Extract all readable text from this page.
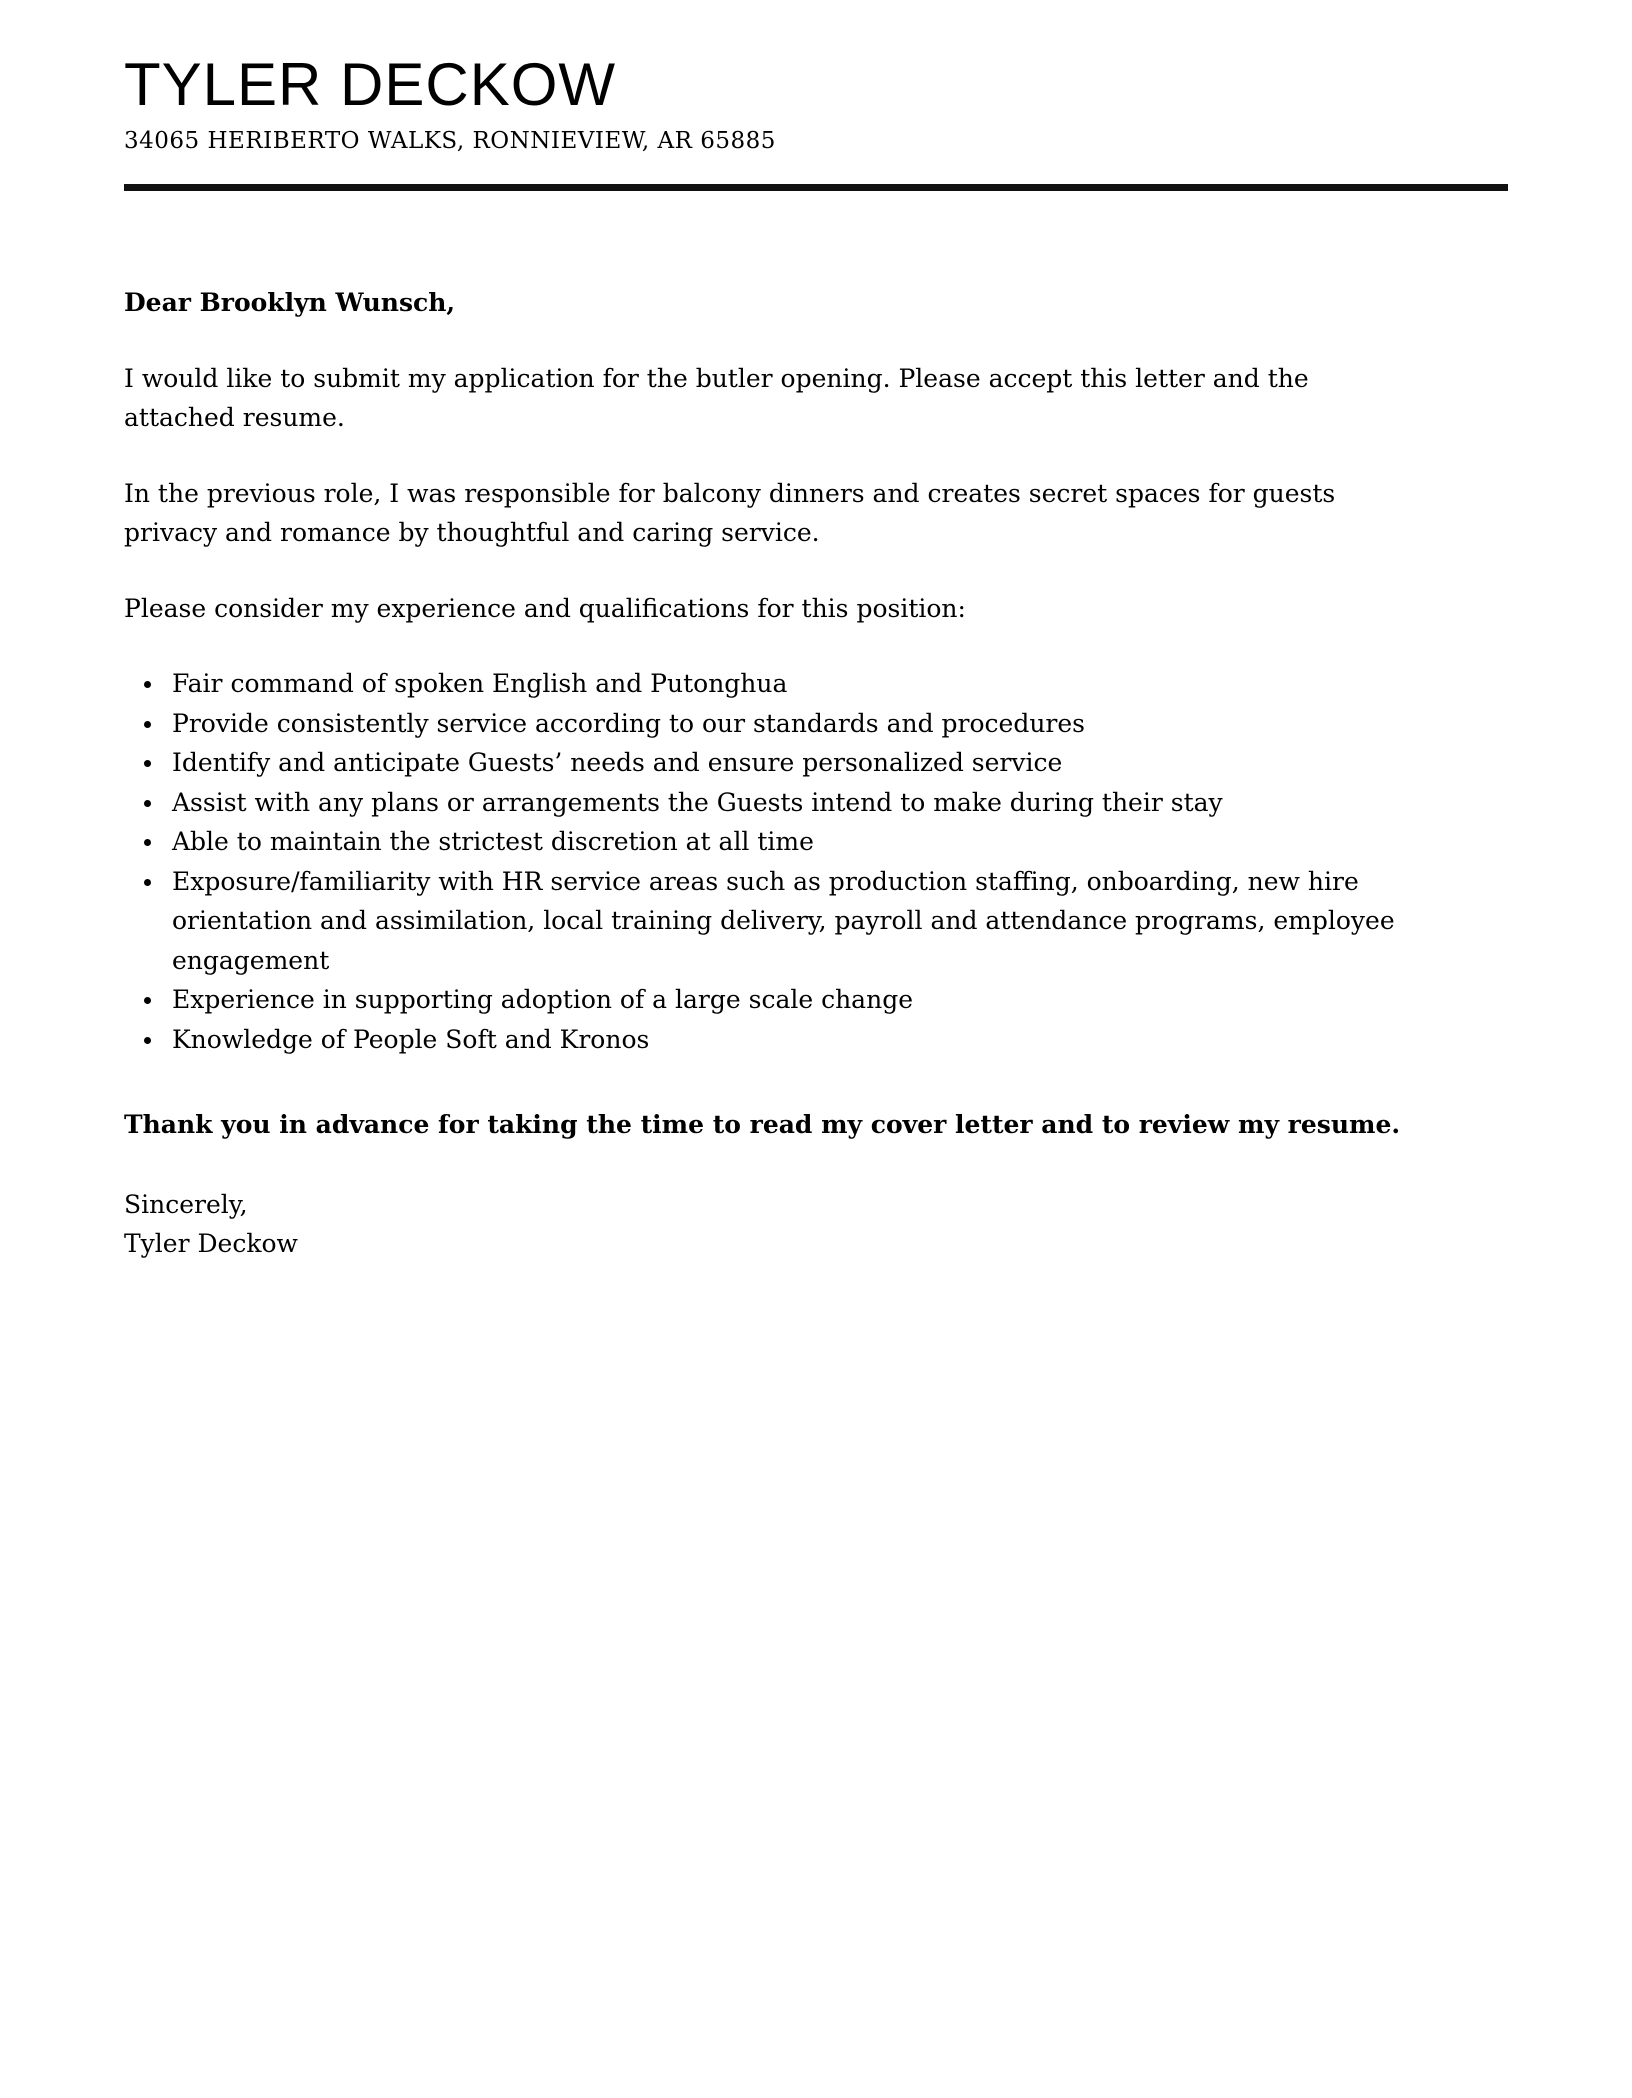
TYLER DECKOW

34065 HERIBERTO WALKS, RONNIEVIEW, AR 65885

Dear Brooklyn Wunsch,

I would like to submit my application for the butler opening. Please accept this letter and the attached resume.

In the previous role, I was responsible for balcony dinners and creates secret spaces for guests privacy and romance by thoughtful and caring service.

Please consider my experience and qualifications for this position:

Fair command of spoken English and Putonghua
Provide consistently service according to our standards and procedures
Identify and anticipate Guests’ needs and ensure personalized service
Assist with any plans or arrangements the Guests intend to make during their stay
Able to maintain the strictest discretion at all time
Exposure/familiarity with HR service areas such as production staffing, onboarding, new hire orientation and assimilation, local training delivery, payroll and attendance programs, employee engagement
Experience in supporting adoption of a large scale change
Knowledge of People Soft and Kronos

Thank you in advance for taking the time to read my cover letter and to review my resume.

Sincerely,

Tyler Deckow
